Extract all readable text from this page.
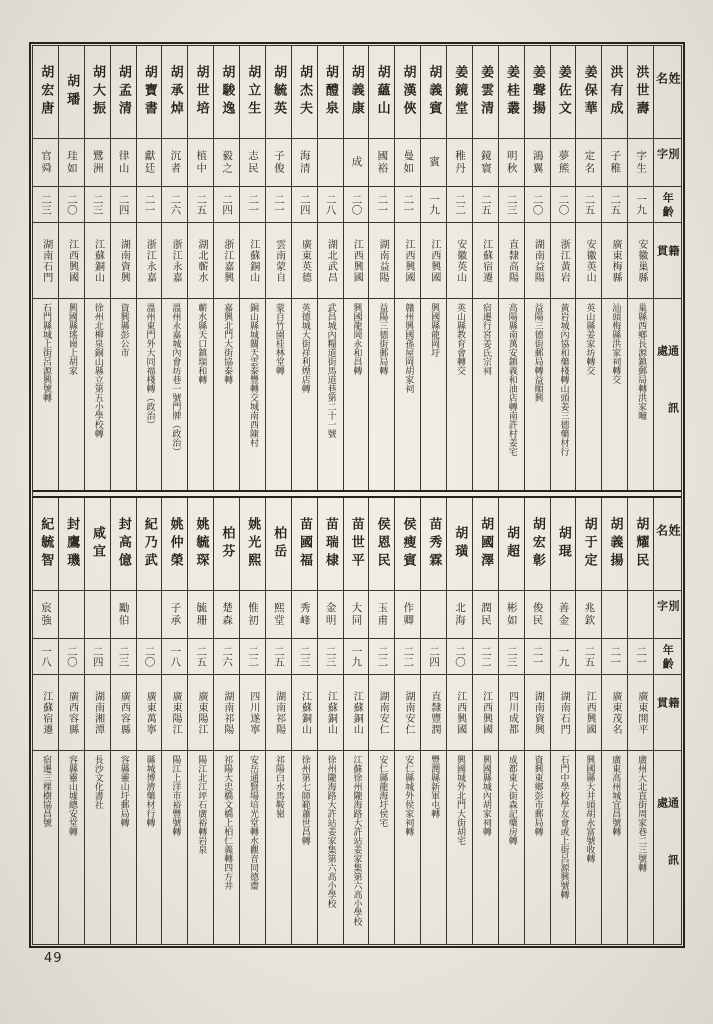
胡宏唐
官舜
二三
湖南石門
石門縣城上街呂源興號轉
胡璠
珪如
二〇
江西興國
興國縣瑤崗上胡家
胡大振
鷺洲
二三
江蘇銅山
徐州北柳泉銅山縣立第五小學校轉
胡孟清
律山
二四
湖南資興
資興縣彭公市
胡寶書
獻廷
二一
浙江永嘉
溫州東門外大同福棧轉（政治）
胡承焯
沉者
二六
浙江永嘉
溫州永嘉城內會坊巷一號門牌（政治）
胡世培
植中
二五
湖北蘄水
蘄水縣天口鎮瑞和轉
胡駿逸
毅之
二四
浙江嘉興
嘉興北門大街協泰轉
胡立生
志民
二一
江蘇銅山
銅山縣城關天雲泰豐轉交城南西陳村
胡毓英
子俊
二一
雲南蒙自
蒙自竹園桂林堂轉
胡杰夫
海清
二四
廣東英德
英德城大街祥利煙店轉
胡醴泉
二八
湖北武昌
武昌城內糧道街馬道巷第二十一號
胡義康
成
二〇
江西興國
興國龍岡永和昌轉
胡蘊山
國裕
二一
湖南益陽
益陽三德街郵局轉
胡漢俠
曼如
二一
江西興國
贛州興國孫屋岡胡家祠
胡義賓
賓
一九
江西興國
興國縣龍岡圩
姜鏡堂
稚丹
二二
安徽英山
英山縣教育會轉交
姜雲清
鏡寰
二五
江蘇宿遷
宿遷行宮姜氏宗祠
姜桂叢
明秋
二三
直隸高陽
高陽縣南萬安鎮義和油店轉南許村姜宅
姜聲揚
鴻翼
二〇
湖南益陽
益陽三德街郵局轉益順興
姜佐文
夢熊
二〇
浙江黃岩
黃岩城內協和藥棧轉山頭姜三德藥材行
姜保華
定名
二五
安徽英山
英山縣姜家坊轉交
洪有成
子稚
二五
廣東梅縣
汕頭梅縣洪家祠轉交
洪世壽
字生
一九
安徽巢縣
巢縣西鄉長源鎮郵局轉洪家疃
姓名
別字
年齡
籍貫
通訊處
紀毓智
宸強
一八
江蘇宿遷
宿遷三棵樹協昌號
封鷹璣
二〇
廣西容縣
容縣靈山墟總安堂轉
咸宜
二四
湖南湘潭
長沙文化書社
封高億
勵伯
二三
廣西容縣
容縣靈山圩郵局轉
紀乃武
二〇
廣東萬寧
縣城博濟藥材行轉
姚仲榮
子承
一八
廣東陽江
陽江上洋市裕豐號轉
姚毓琛
毓珊
二五
廣東陽江
陽江北江坪石廣裕轉岩泉
柏芬
楚森
二六
湖南祁陽
祁陽大忠橋文橋上柏仁義轉四方井
姚光熙
惟初
二二
四川遂寧
安岳通賢場培光堂轉水觀音同德齋
柏岳
熙堂
二五
湖南祁陽
祁陽白水馬鞍嶺
苗國福
秀峰
二三
江蘇銅山
徐州第七師範蕭世昌轉
苗瑞棣
金明
二三
江蘇銅山
徐州隴海路大許站姜家集第六高小學校
苗世平
大同
一九
江蘇銅山
江蘇徐州隴海路大許站姜家集第六高小學校
侯恩民
玉甫
二二
湖南安仁
安仁縣龍海圩侯宅
侯瘦賓
作卿
二二
湖南安仁
安仁縣城外侯家祠轉
苗秀霖
二四
直隸豐潤
豐潤縣新軍屯轉
胡璜
北海
二〇
江西興國
興國城外北門大街胡宅
胡國澤
潤民
二二
江西興國
興國縣城內胡家祠轉
胡超
彬如
二三
四川成都
成都東大街森記藥房轉
胡宏彰
俊民
二一
湖南資興
資興東鄉彭市郵局轉
胡琨
善金
一九
湖南石門
石門中學校學友會或上街呂源興號轉
胡于定
兆欽
二五
江西興國
興國縣大井頭胡永富號收轉
胡義揚
二一
廣東茂名
廣東高州城宜昌號轉
胡耀民
二一
廣東開平
廣州大北直街周家巷二三號轉
姓名
別字
年齡
籍貫
通訊處
49
